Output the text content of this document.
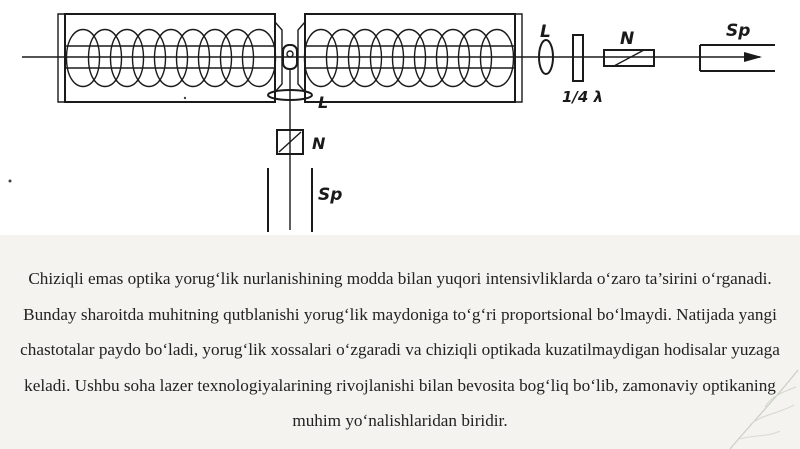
L
1/4 λ
N	Sp
L
N
Sp

Chiziqli emas optika yorug‘lik nurlanishining modda bilan yuqori intensivliklarda o‘zaro ta’sirini o‘rganadi. Bunday sharoitda muhitning qutblanishi yorug‘lik maydoniga to‘g‘ri proportsional bo‘lmaydi. Natijada yangi chastotalar paydo bo‘ladi, yorug‘lik xossalari o‘zgaradi va chiziqli optikada kuzatilmaydigan hodisalar yuzaga keladi. Ushbu soha lazer texnologiyalarining rivojlanishi bilan bevosita bog‘liq bo‘lib, zamonaviy optikaning muhim yo‘nalishlaridan biridir.
